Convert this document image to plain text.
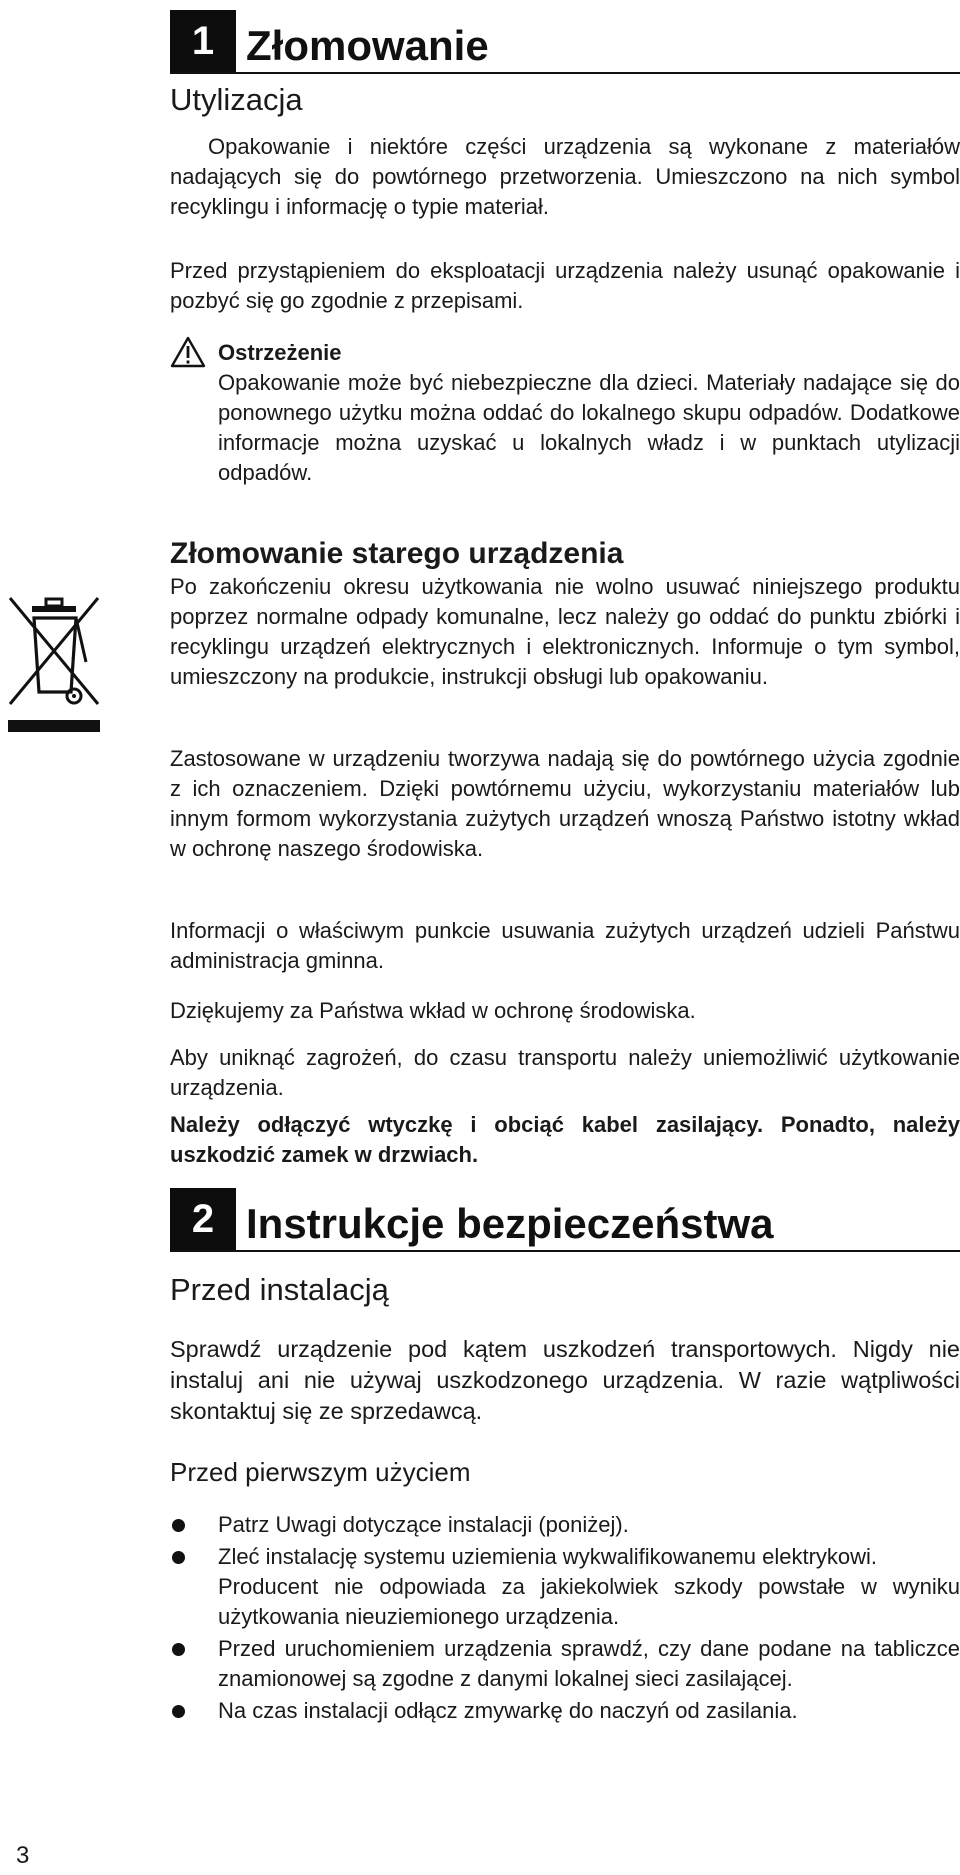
1 Złomowanie
Utylizacja

Opakowanie i niektóre części urządzenia są wykonane z materiałów nadających się do powtórnego przetworzenia. Umieszczono na nich symbol recyklingu i informację o typie materiał.

Przed przystąpieniem do eksploatacji urządzenia należy usunąć opakowanie i pozbyć się go zgodnie z przepisami.

Ostrzeżenie

Opakowanie może być niebezpieczne dla dzieci. Materiały nadające się do ponownego użytku można oddać do lokalnego skupu odpadów. Dodatkowe informacje można uzyskać u lokalnych władz i w punktach utylizacji odpadów.

Złomowanie starego urządzenia

Po zakończeniu okresu użytkowania nie wolno usuwać niniejszego produktu poprzez normalne odpady komunalne, lecz należy go oddać do punktu zbiórki i recyklingu urządzeń elektrycznych i elektronicznych. Informuje o tym symbol, umieszczony na produkcie, instrukcji obsługi lub opakowaniu.

Zastosowane w urządzeniu tworzywa nadają się do powtórnego użycia zgodnie z ich oznaczeniem. Dzięki powtórnemu użyciu, wykorzystaniu materiałów lub innym formom wykorzystania zużytych urządzeń wnoszą Państwo istotny wkład w ochronę naszego środowiska.

Informacji o właściwym punkcie usuwania zużytych urządzeń udzieli Państwu administracja gminna.

Dziękujemy za Państwa wkład w ochronę środowiska.

Aby uniknąć zagrożeń, do czasu transportu należy uniemożliwić użytkowanie urządzenia.

Należy odłączyć wtyczkę i obciąć kabel zasilający. Ponadto, należy uszkodzić zamek w drzwiach.

2 Instrukcje bezpieczeństwa
Przed instalacją

Sprawdź urządzenie pod kątem uszkodzeń transportowych. Nigdy nie instaluj ani nie używaj uszkodzonego urządzenia. W razie wątpliwości skontaktuj się ze sprzedawcą.

Przed pierwszym użyciem
Patrz Uwagi dotyczące instalacji (poniżej).
Zleć instalację systemu uziemienia wykwalifikowanemu elektrykowi.
Producent nie odpowiada za jakiekolwiek szkody powstałe w wyniku użytkowania nieuziemionego urządzenia.
Przed uruchomieniem urządzenia sprawdź, czy dane podane na tabliczce znamionowej są zgodne z danymi lokalnej sieci zasilającej.
Na czas instalacji odłącz zmywarkę do naczyń od zasilania.
3
